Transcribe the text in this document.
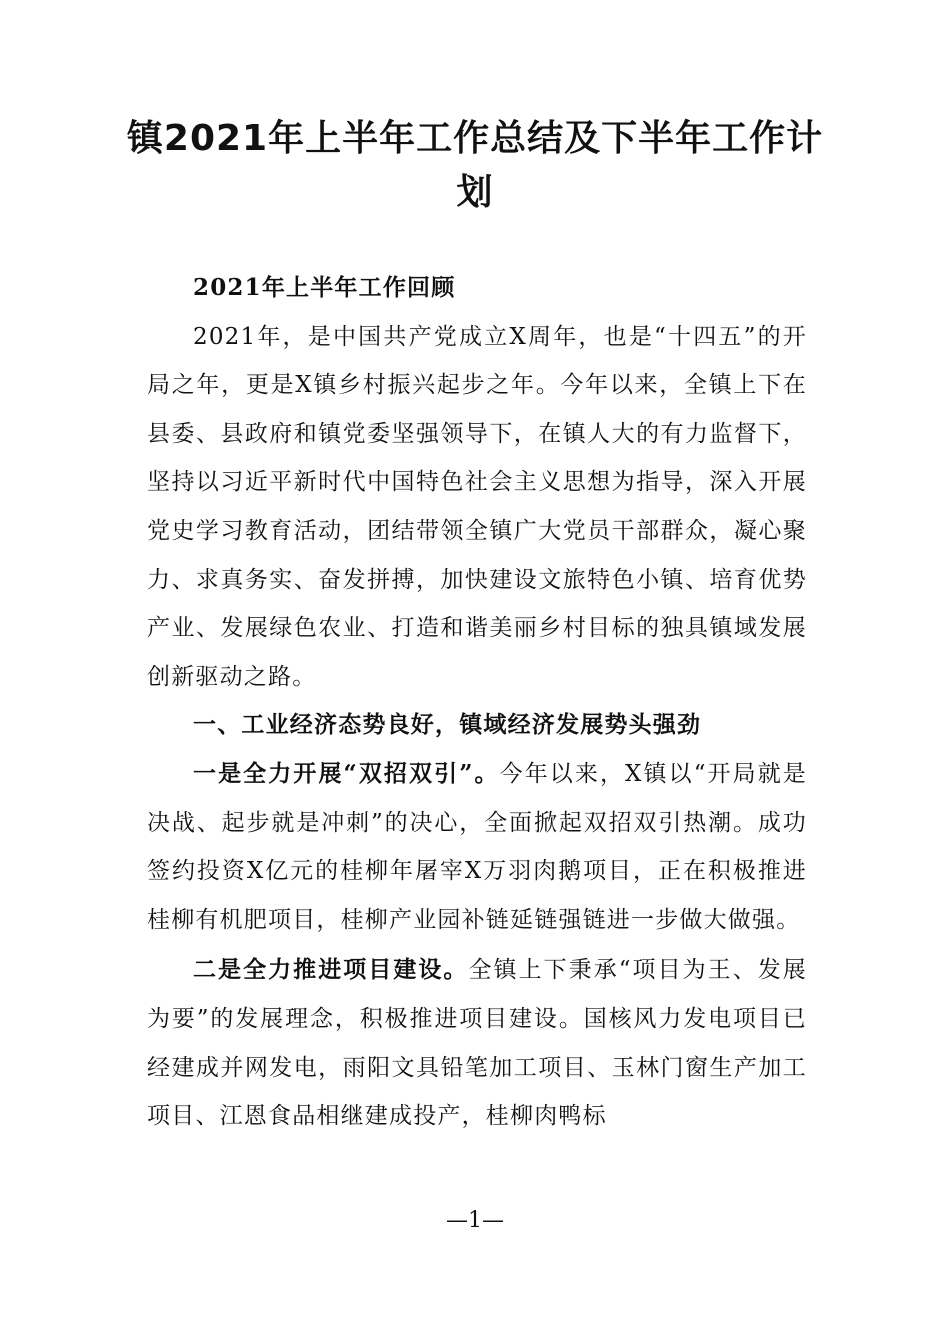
镇2021年上半年工作总结及下半年工作计划

2021年上半年工作回顾

2021年，是中国共产党成立X周年，也是“十四五”的开局之年，更是X镇乡村振兴起步之年。今年以来，全镇上下在县委、县政府和镇党委坚强领导下，在镇人大的有力监督下，坚持以习近平新时代中国特色社会主义思想为指导，深入开展党史学习教育活动，团结带领全镇广大党员干部群众，凝心聚力、求真务实、奋发拼搏，加快建设文旅特色小镇、培育优势产业、发展绿色农业、打造和谐美丽乡村目标的独具镇域发展创新驱动之路。

一、工业经济态势良好，镇域经济发展势头强劲

一是全力开展“双招双引”。今年以来，X镇以“开局就是决战、起步就是冲刺”的决心，全面掀起双招双引热潮。成功签约投资X亿元的桂柳年屠宰X万羽肉鹅项目，正在积极推进桂柳有机肥项目，桂柳产业园补链延链强链进一步做大做强。

二是全力推进项目建设。全镇上下秉承“项目为王、发展为要”的发展理念，积极推进项目建设。国核风力发电项目已经建成并网发电，雨阳文具铅笔加工项目、玉林门窗生产加工项目、江恩食品相继建成投产，桂柳肉鸭标

—1—
